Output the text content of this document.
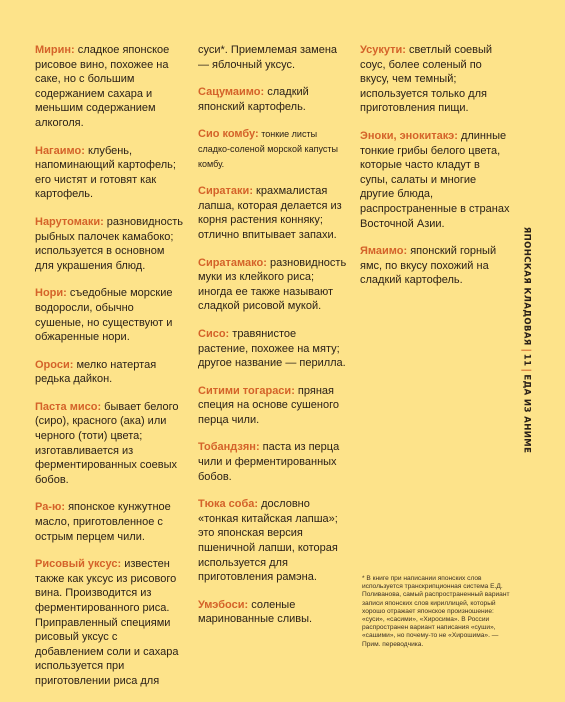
Мирин: сладкое японское рисовое вино, похожее на саке, но с большим содержанием сахара и меньшим содержанием алкоголя.

Нагаимо: клубень, напоминающий картофель; его чистят и готовят как картофель.

Нарутомаки: разновидность рыбных палочек камабоко; используется в основном для украшения блюд.

Нори: съедобные морские водоросли, обычно сушеные, но существуют и обжаренные нори.

Ороси: мелко натертая редька дайкон.

Паста мисо: бывает белого (сиро), красного (ака) или черного (тоти) цвета; изготавливается из ферментированных соевых бобов.

Ра-ю: японское кунжутное масло, приготовленное с острым перцем чили.

Рисовый уксус: известен также как уксус из рисового вина. Производится из ферментированного риса. Приправленный специями рисовый уксус с добавлением соли и сахара используется при приготовлении риса для

суси*. Приемлемая замена — яблочный уксус.

Сацумаимо: сладкий японский картофель.

Сио комбу: тонкие листы сладко-соленой морской капусты комбу.

Сиратаки: крахмалистая лапша, которая делается из корня растения конняку; отлично впитывает запахи.

Сиратамако: разновидность муки из клейкого риса; иногда ее также называют сладкой рисовой мукой.

Сисо: травянистое растение, похожее на мяту; другое название — перилла.

Ситими тогараси: пряная специя на основе сушеного перца чили.

Тобандзян: паста из перца чили и ферментированных бобов.

Тюка соба: дословно «тонкая китайская лапша»; это японская версия пшеничной лапши, которая используется для приготовления рамэна.

Умэбоси: соленые маринованные сливы.

Усукути: светлый соевый соус, более соленый по вкусу, чем темный; используется только для приготовления пищи.

Эноки, энокитакэ: длинные тонкие грибы белого цвета, которые часто кладут в супы, салаты и многие другие блюда, распространенные в странах Восточной Азии.

Ямаимо: японский горный ямс, по вкусу похожий на сладкий картофель.

* В книге при написании японских слов используется транскрипционная система Е.Д. Поливанова, самый распространенный вариант записи японских слов кириллицей, который хорошо отражает японское произношение: «суси», «сасими», «Хиросима». В России распространен вариант написания «суши», «сашими», но почему-то не «Хирошима». — Прим. переводчика.
ЯПОНСКАЯ КЛАДОВАЯ11ЕДА ИЗ АНИМЕ
